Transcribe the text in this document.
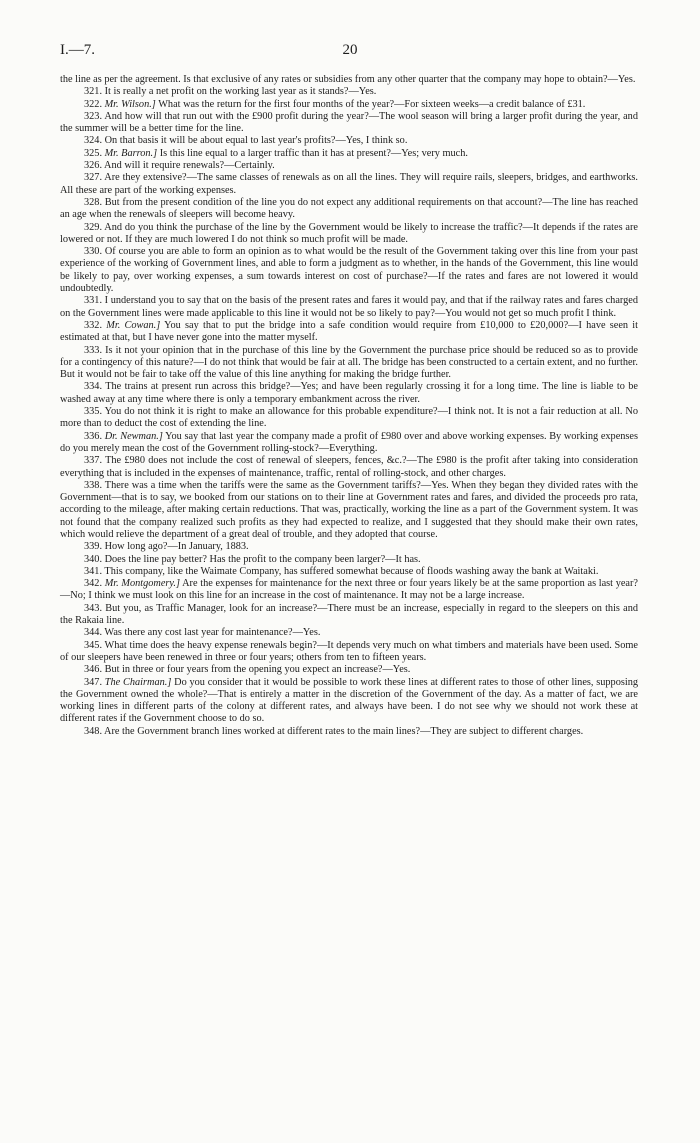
I.—7.	20

the line as per the agreement. Is that exclusive of any rates or subsidies from any other quarter that the company may hope to obtain?—Yes.

321. It is really a net profit on the working last year as it stands?—Yes.

322. Mr. Wilson.] What was the return for the first four months of the year?—For sixteen weeks—a credit balance of £31.

323. And how will that run out with the £900 profit during the year?—The wool season will bring a larger profit during the year, and the summer will be a better time for the line.

324. On that basis it will be about equal to last year's profits?—Yes, I think so.

325. Mr. Barron.] Is this line equal to a larger traffic than it has at present?—Yes; very much.

326. And will it require renewals?—Certainly.

327. Are they extensive?—The same classes of renewals as on all the lines. They will require rails, sleepers, bridges, and earthworks. All these are part of the working expenses.

328. But from the present condition of the line you do not expect any additional requirements on that account?—The line has reached an age when the renewals of sleepers will become heavy.

329. And do you think the purchase of the line by the Government would be likely to increase the traffic?—It depends if the rates are lowered or not. If they are much lowered I do not think so much profit will be made.

330. Of course you are able to form an opinion as to what would be the result of the Government taking over this line from your past experience of the working of Government lines, and able to form a judgment as to whether, in the hands of the Government, this line would be likely to pay, over working expenses, a sum towards interest on cost of purchase?—If the rates and fares are not lowered it would undoubtedly.

331. I understand you to say that on the basis of the present rates and fares it would pay, and that if the railway rates and fares charged on the Government lines were made applicable to this line it would not be so likely to pay?—You would not get so much profit I think.

332. Mr. Cowan.] You say that to put the bridge into a safe condition would require from £10,000 to £20,000?—I have seen it estimated at that, but I have never gone into the matter myself.

333. Is it not your opinion that in the purchase of this line by the Government the purchase price should be reduced so as to provide for a contingency of this nature?—I do not think that would be fair at all. The bridge has been constructed to a certain extent, and no further. But it would not be fair to take off the value of this line anything for making the bridge further.

334. The trains at present run across this bridge?—Yes; and have been regularly crossing it for a long time. The line is liable to be washed away at any time where there is only a temporary embankment across the river.

335. You do not think it is right to make an allowance for this probable expenditure?—I think not. It is not a fair reduction at all. No more than to deduct the cost of extending the line.

336. Dr. Newman.] You say that last year the company made a profit of £980 over and above working expenses. By working expenses do you merely mean the cost of the Government rolling-stock?—Everything.

337. The £980 does not include the cost of renewal of sleepers, fences, &c.?—The £980 is the profit after taking into consideration everything that is included in the expenses of maintenance, traffic, rental of rolling-stock, and other charges.

338. There was a time when the tariffs were the same as the Government tariffs?—Yes. When they began they divided rates with the Government—that is to say, we booked from our stations on to their line at Government rates and fares, and divided the proceeds pro rata, according to the mileage, after making certain reductions. That was, practically, working the line as a part of the Government system. It was not found that the company realized such profits as they had expected to realize, and I suggested that they should make their own rates, which would relieve the department of a great deal of trouble, and they adopted that course.

339. How long ago?—In January, 1883.

340. Does the line pay better? Has the profit to the company been larger?—It has.

341. This company, like the Waimate Company, has suffered somewhat because of floods washing away the bank at Waitaki.

342. Mr. Montgomery.] Are the expenses for maintenance for the next three or four years likely be at the same proportion as last year?—No; I think we must look on this line for an increase in the cost of maintenance. It may not be a large increase.

343. But you, as Traffic Manager, look for an increase?—There must be an increase, especially in regard to the sleepers on this and the Rakaia line.

344. Was there any cost last year for maintenance?—Yes.

345. What time does the heavy expense renewals begin?—It depends very much on what timbers and materials have been used. Some of our sleepers have been renewed in three or four years; others from ten to fifteen years.

346. But in three or four years from the opening you expect an increase?—Yes.

347. The Chairman.] Do you consider that it would be possible to work these lines at different rates to those of other lines, supposing the Government owned the whole?—That is entirely a matter in the discretion of the Government of the day. As a matter of fact, we are working lines in different parts of the colony at different rates, and always have been. I do not see why we should not work these at different rates if the Government choose to do so.

348. Are the Government branch lines worked at different rates to the main lines?—They are subject to different charges.
